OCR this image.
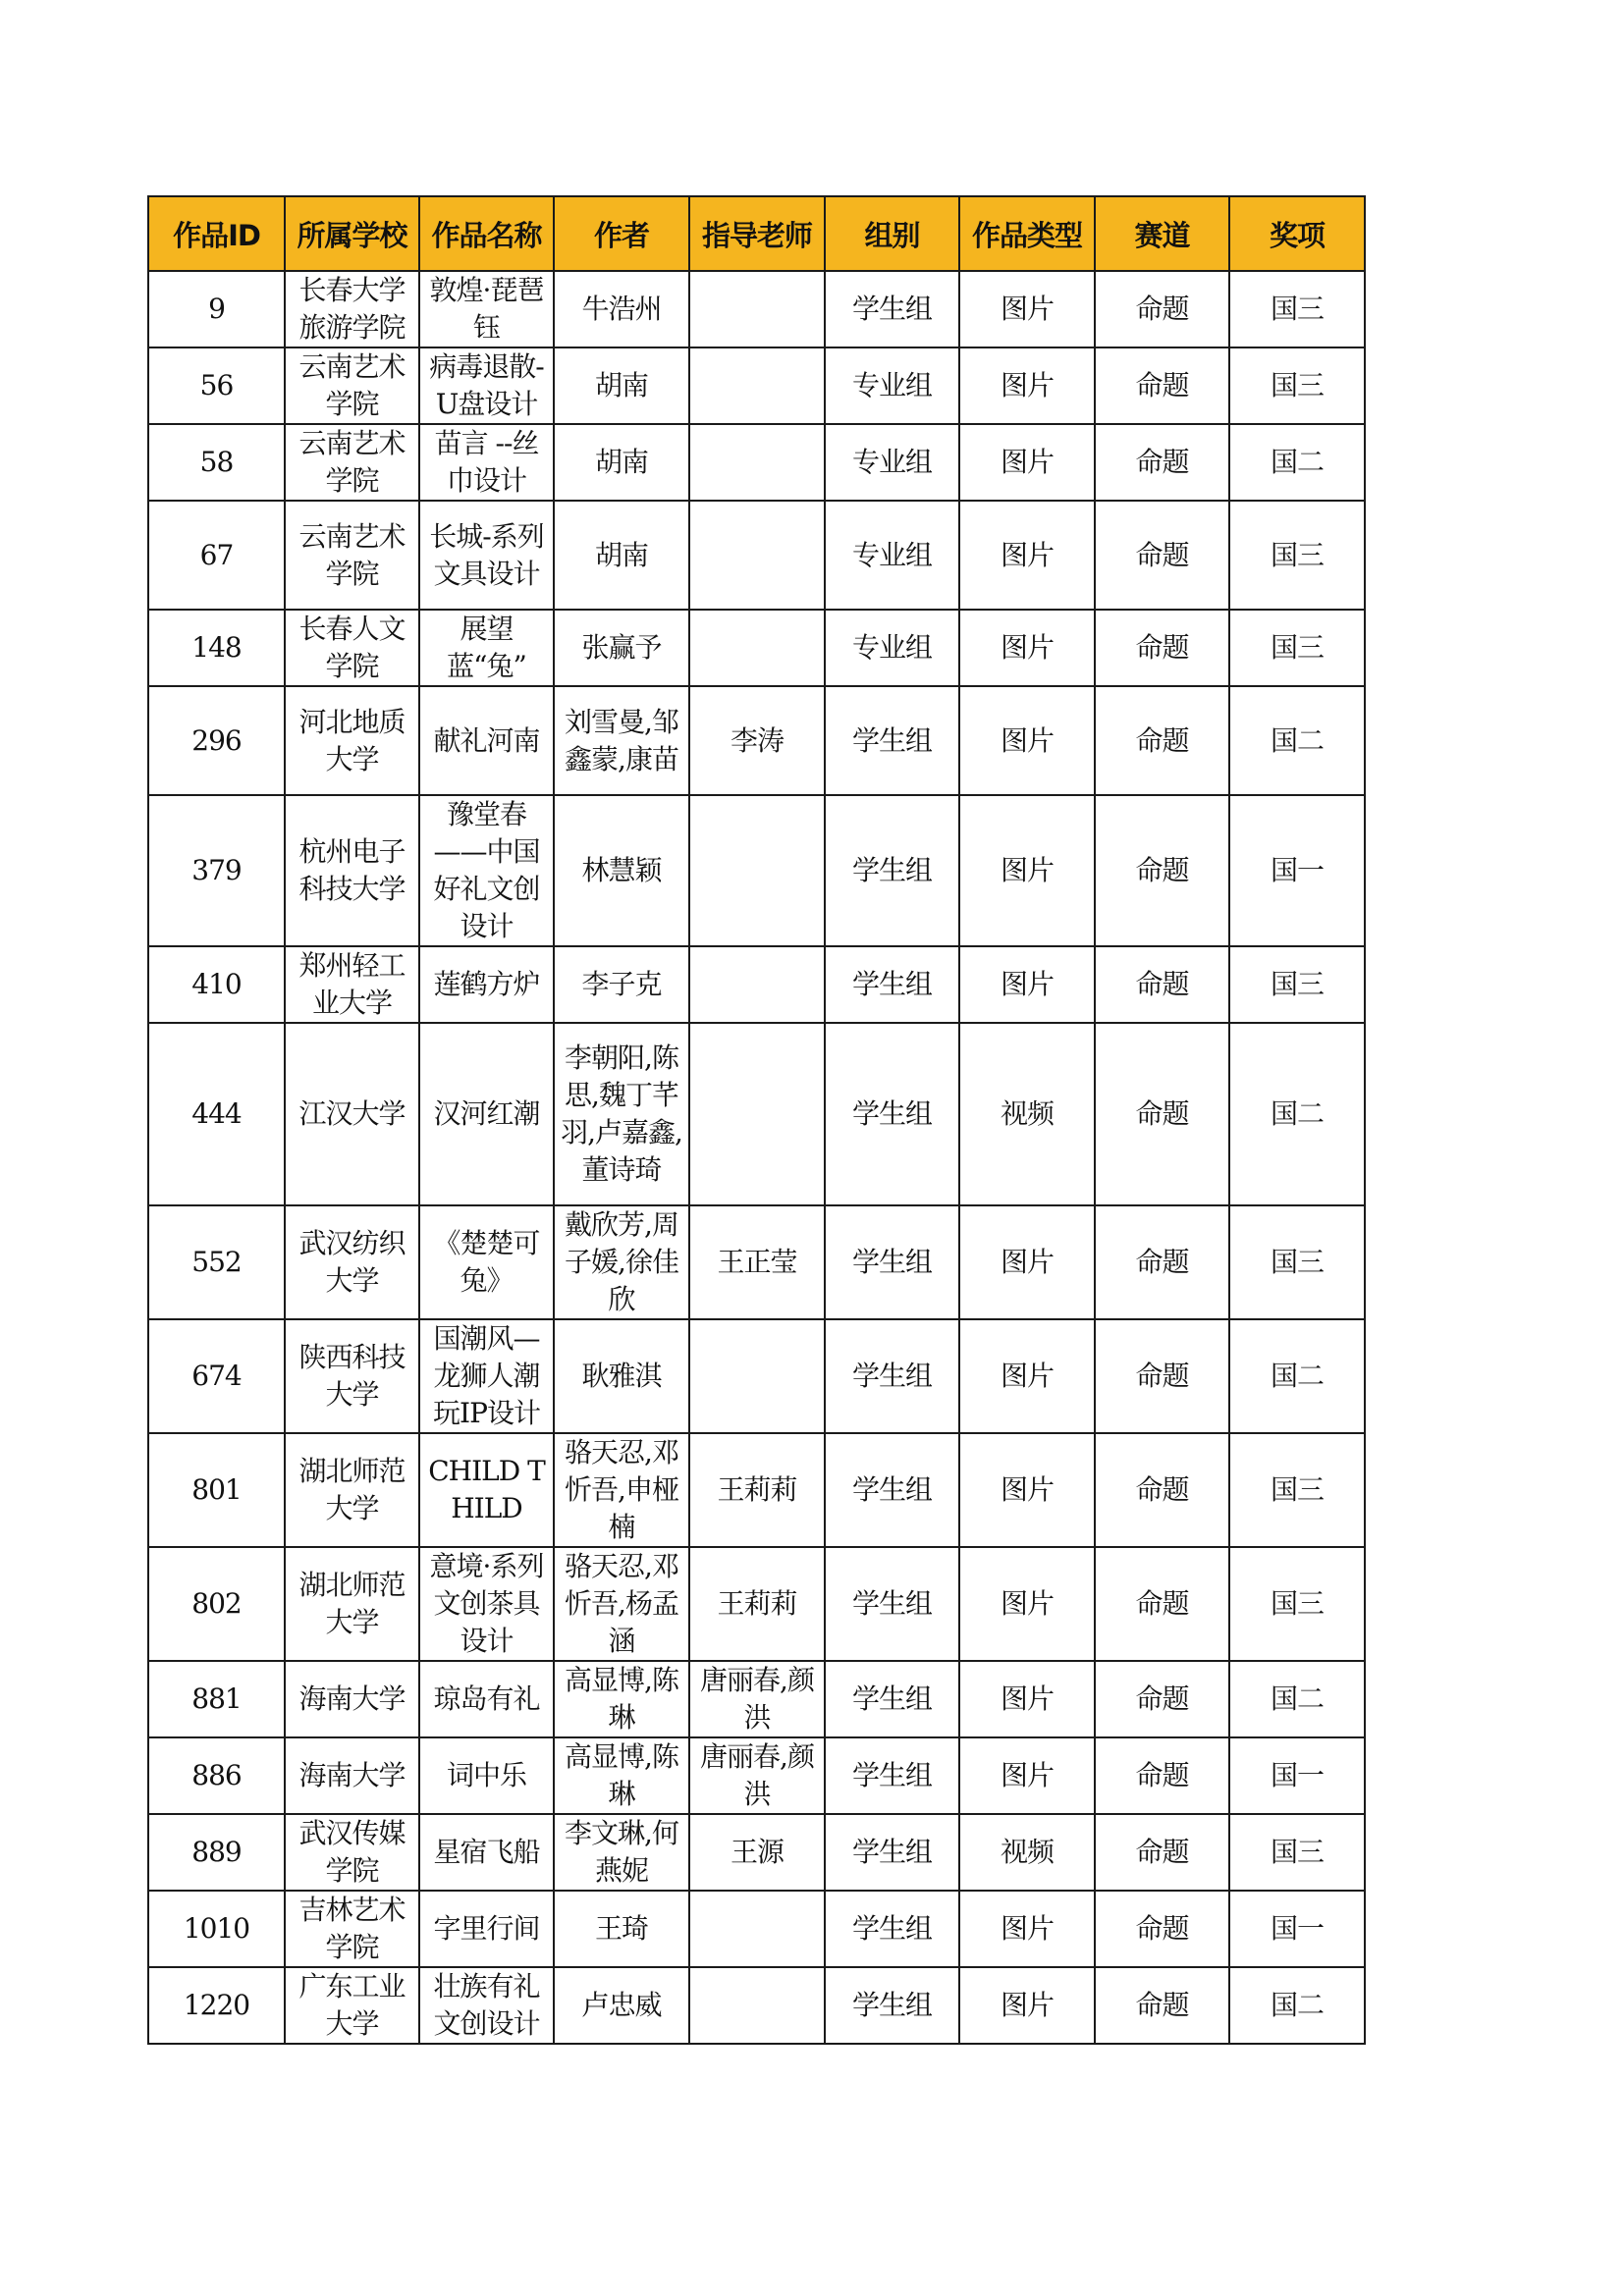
作品ID	所属学校	作品名称	作者	指导老师	组别	作品类型	赛道	奖项

9	长春大学旅游学院	敦煌·琵琶钰	牛浩州		学生组	图片	命题	国三

56	云南艺术学院	病毒退散-U盘设计	胡南		专业组	图片	命题	国三

58	云南艺术学院	苗言 --丝巾设计	胡南		专业组	图片	命题	国二

67	云南艺术学院	长城-系列文具设计	胡南		专业组	图片	命题	国三

148	长春人文学院	展望蓝“兔”	张赢予		专业组	图片	命题	国三

296	河北地质大学	献礼河南	刘雪曼,邹鑫蒙,康苗	李涛	学生组	图片	命题	国二

379	杭州电子科技大学	豫堂春——中国好礼文创设计	林慧颖		学生组	图片	命题	国一

410	郑州轻工业大学	莲鹤方炉	李子克		学生组	图片	命题	国三

444	江汉大学	汉河红潮	李朝阳,陈思,魏丁芊羽,卢嘉鑫,董诗琦		学生组	视频	命题	国二

552	武汉纺织大学	《楚楚可兔》	戴欣芳,周子媛,徐佳欣	王正莹	学生组	图片	命题	国三

674	陕西科技大学	国潮风—龙狮人潮玩IP设计	耿雅淇		学生组	图片	命题	国二

801	湖北师范大学	CHILD THILD	骆天忍,邓忻吾,申桠楠	王莉莉	学生组	图片	命题	国三

802	湖北师范大学	意境·系列文创茶具设计	骆天忍,邓忻吾,杨孟涵	王莉莉	学生组	图片	命题	国三

881	海南大学	琼岛有礼	高显博,陈琳	唐丽春,颜洪	学生组	图片	命题	国二

886	海南大学	词中乐	高显博,陈琳	唐丽春,颜洪	学生组	图片	命题	国一

889	武汉传媒学院	星宿飞船	李文琳,何燕妮	王源	学生组	视频	命题	国三

1010	吉林艺术学院	字里行间	王琦		学生组	图片	命题	国一

1220	广东工业大学	壮族有礼文创设计	卢忠威		学生组	图片	命题	国二
